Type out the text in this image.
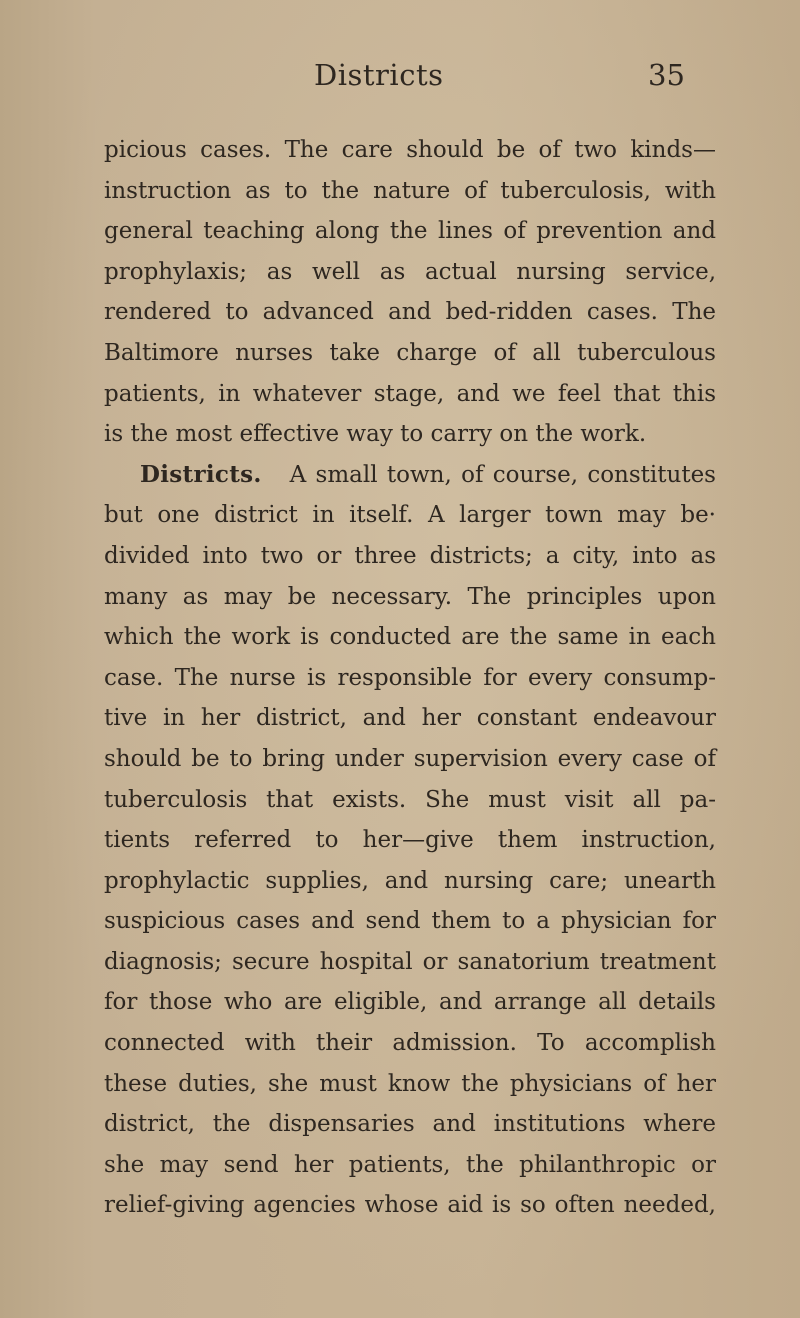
Districts	35
picious cases. The care should be of two kinds—
instruction as to the nature of tuberculosis, with
general teaching along the lines of prevention and
prophylaxis; as well as actual nursing service,
rendered to advanced and bed-ridden cases. The
Baltimore nurses take charge of all tuberculous
patients, in whatever stage, and we feel that this
is the most effective way to carry on the work.
Districts. A small town, of course, constitutes
but one district in itself. A larger town may be·
divided into two or three districts; a city, into as
many as may be necessary. The principles upon
which the work is conducted are the same in each
case. The nurse is responsible for every consump-
tive in her district, and her constant endeavour
should be to bring under supervision every case of
tuberculosis that exists. She must visit all pa-
tients referred to her—give them instruction,
prophylactic supplies, and nursing care; unearth
suspicious cases and send them to a physician for
diagnosis; secure hospital or sanatorium treatment
for those who are eligible, and arrange all details
connected with their admission. To accomplish
these duties, she must know the physicians of her
district, the dispensaries and institutions where
she may send her patients, the philanthropic or
relief-giving agencies whose aid is so often needed,
